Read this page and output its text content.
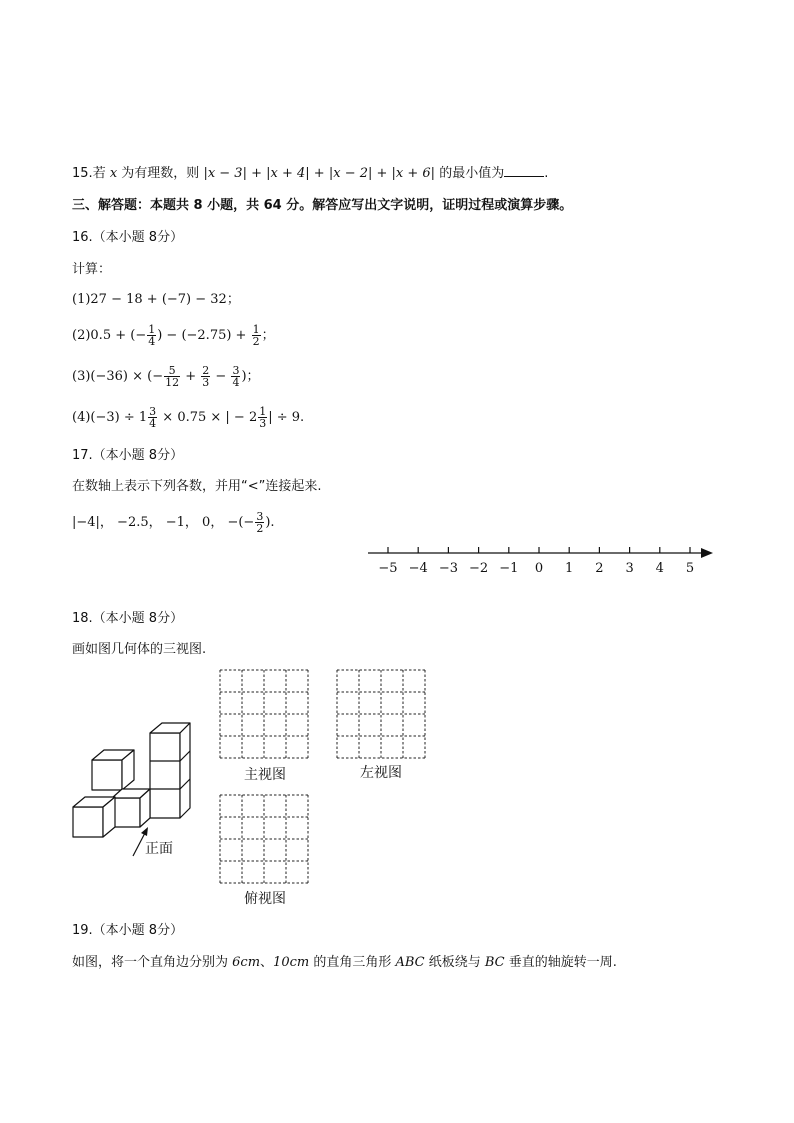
15.若 x 为有理数，则 |x − 3| + |x + 4| + |x − 2| + |x + 6| 的最小值为	.
三、解答题：本题共 8 小题，共 64 分。解答应写出文字说明，证明过程或演算步骤。
16.（本小题 8分）
计算：
(1)27 − 18 + (−7) − 32；
(2)0.5 + (− $\frac{1}{4}$ ) − $(-2.75) + \frac{1}{2}$ ；
(3)(−36) × (− $\frac{5}{12} + \frac{2}{3} - \frac{3}{4}$ )；
$(4)(-3) \div 1 \frac{3}{4} \times 0.75$ × | − $2 \frac{1}{3}$ | ÷ 9.
17.（本小题 8分）
在数轴上表示下列各数，并用“<”连接起来.
|−4|， −2.5， −1， 0， −(− $\frac{3}{2}$ ).
−5 −4 −3 −2 −1 0 1 2 3 4 5
18.（本小题 8分）
画如图几何体的三视图.
正面
主视图	左视图
俯视图
19.（本小题 8分）
如图，将一个直角边分别为 6cm、10cm 的直角三角形 ABC 纸板绕与 BC 垂直的轴旋转一周.
